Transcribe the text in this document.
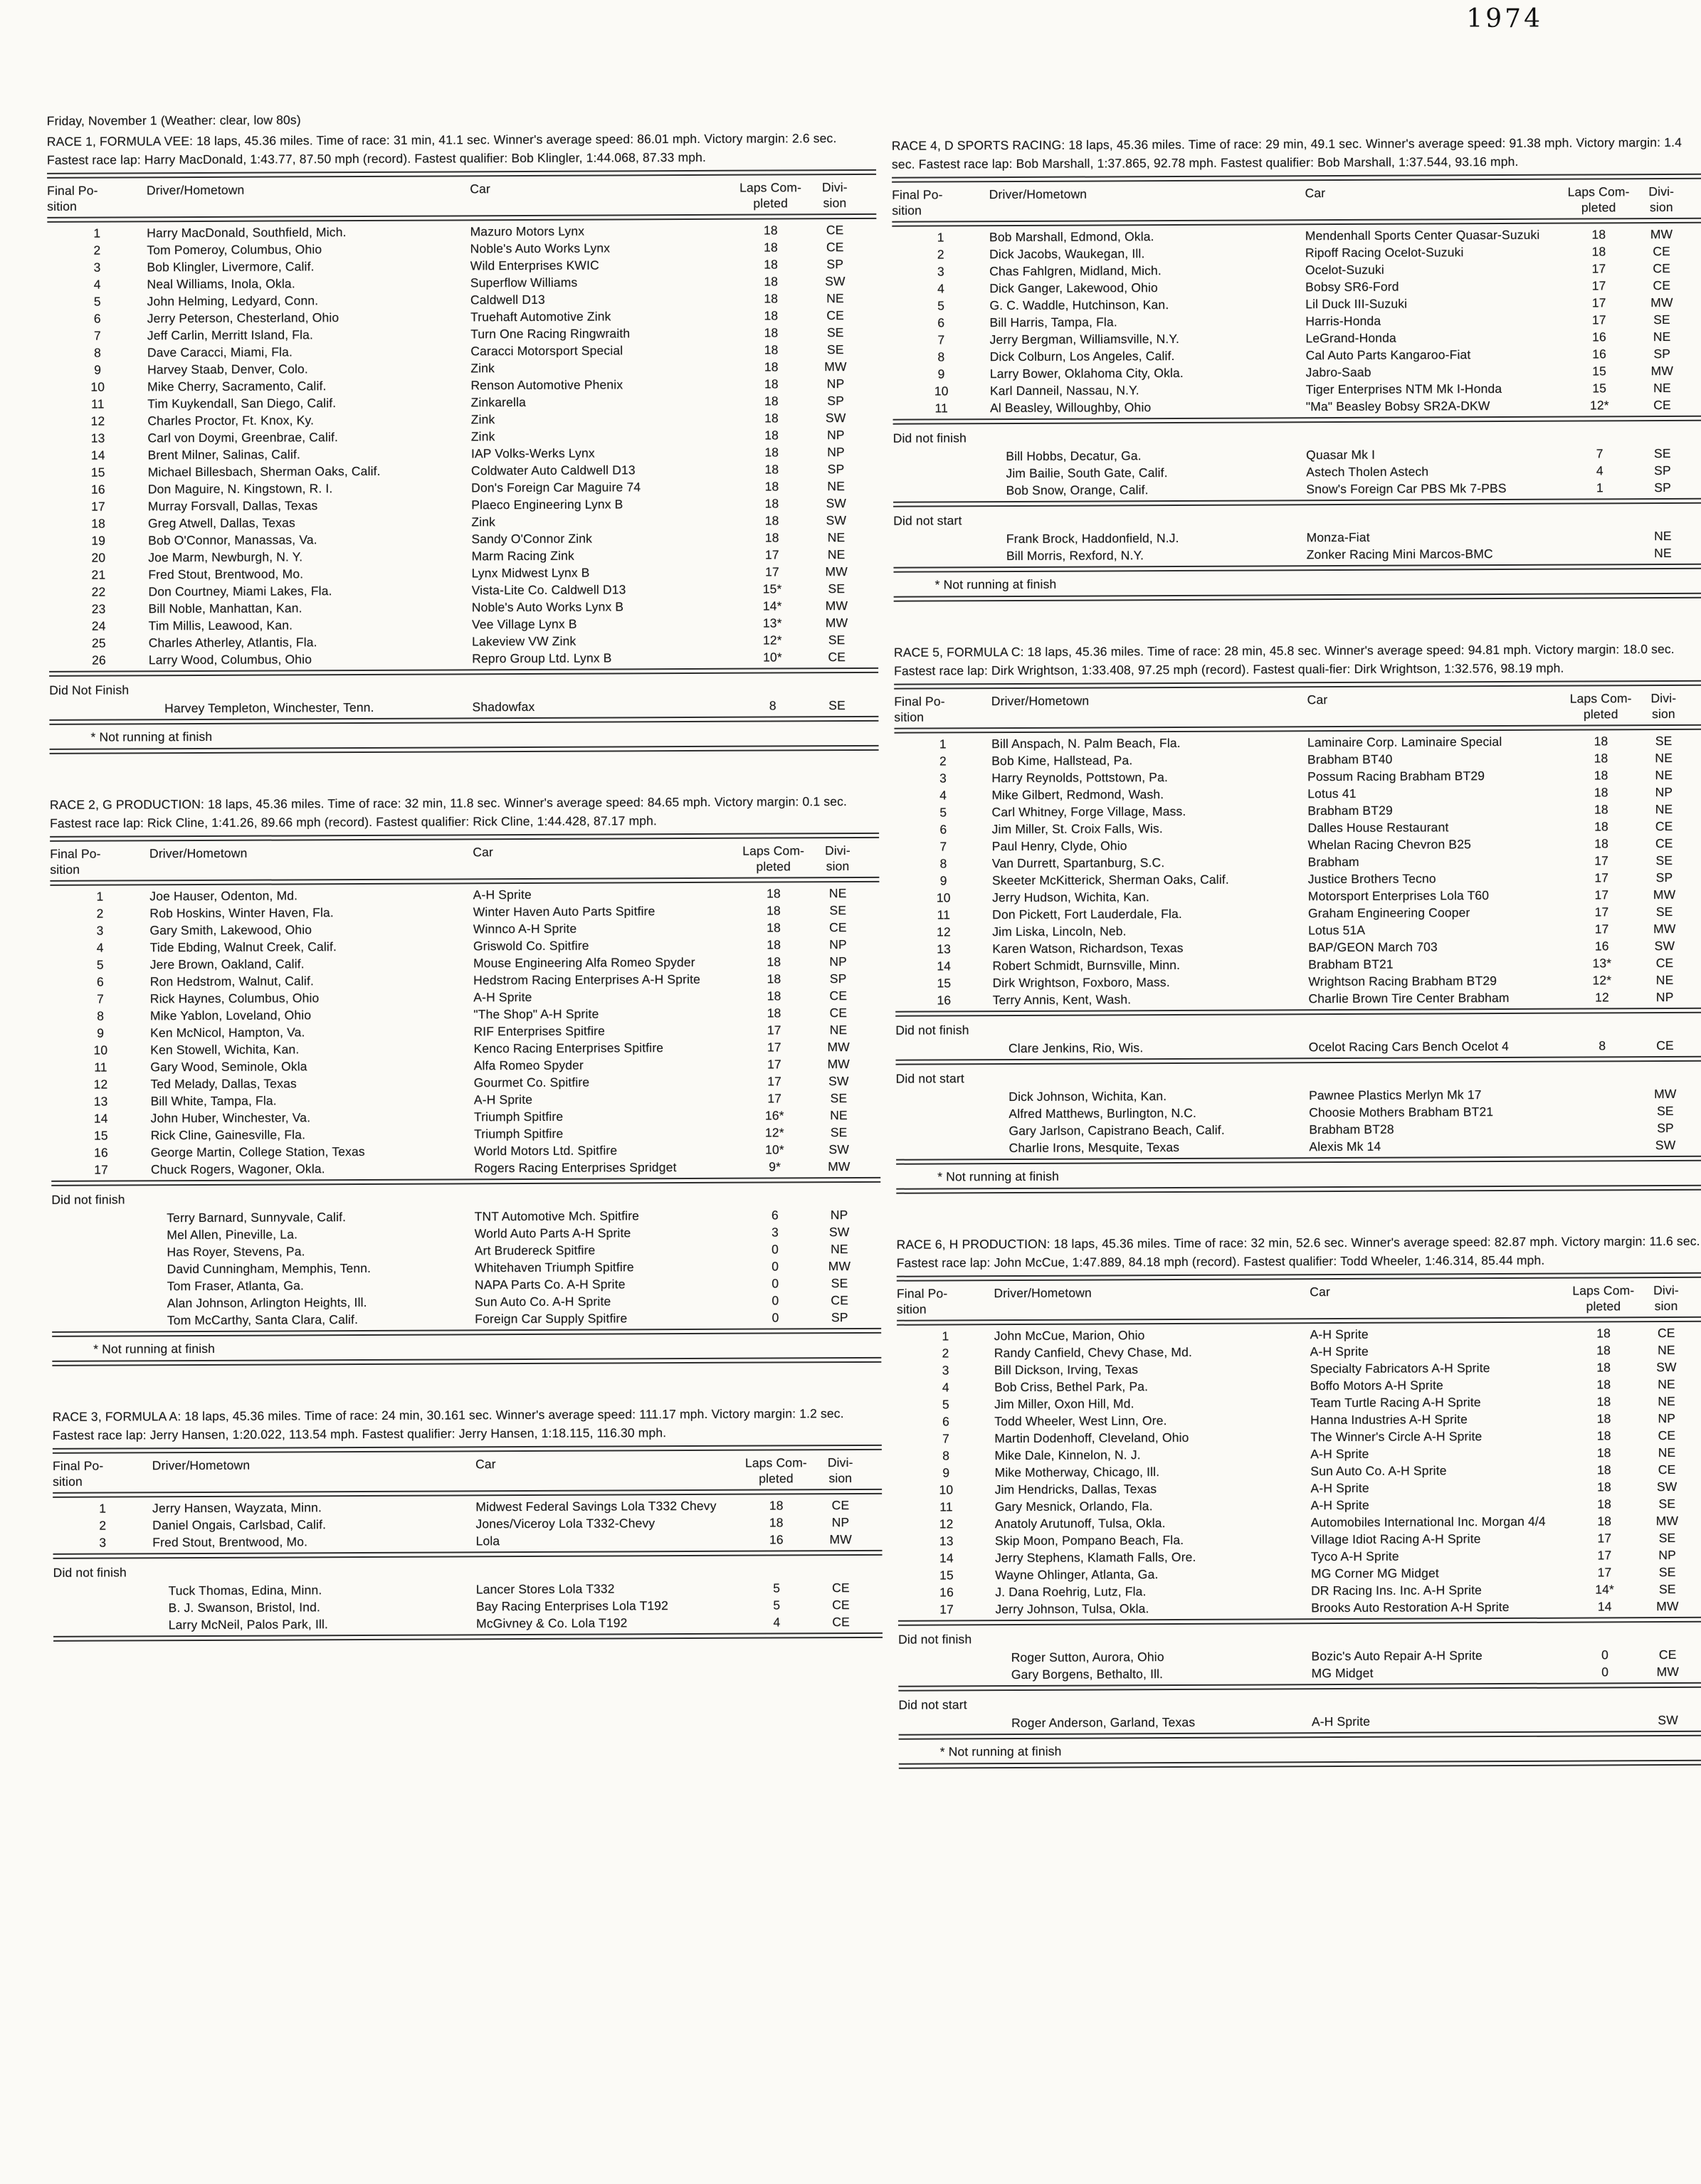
1974
Friday, November 1 (Weather: clear, low 80s)
RACE 1, FORMULA VEE: 18 laps, 45.36 miles. Time of race: 31 min, 41.1 sec. Winner's average speed: 86.01 mph. Victory margin: 2.6 sec. Fastest race lap: Harry MacDonald, 1:43.77, 87.50 mph (record). Fastest qualifier: Bob Klingler, 1:44.068, 87.33 mph.
Final Po-
sition
Driver/Hometown	Car	Laps Com-
pleted
Divi-
sion
1	Harry MacDonald, Southfield, Mich.	Mazuro Motors Lynx	18	CE
2	Tom Pomeroy, Columbus, Ohio	Noble's Auto Works Lynx	18	CE
3	Bob Klingler, Livermore, Calif.	Wild Enterprises KWIC	18	SP
4	Neal Williams, Inola, Okla.	Superflow Williams	18	SW
5	John Helming, Ledyard, Conn.	Caldwell D13	18	NE
6	Jerry Peterson, Chesterland, Ohio	Truehaft Automotive Zink	18	CE
7	Jeff Carlin, Merritt Island, Fla.	Turn One Racing Ringwraith	18	SE
8	Dave Caracci, Miami, Fla.	Caracci Motorsport Special	18	SE
9	Harvey Staab, Denver, Colo.	Zink	18	MW
10	Mike Cherry, Sacramento, Calif.	Renson Automotive Phenix	18	NP
11	Tim Kuykendall, San Diego, Calif.	Zinkarella	18	SP
12	Charles Proctor, Ft. Knox, Ky.	Zink	18	SW
13	Carl von Doymi, Greenbrae, Calif.	Zink	18	NP
14	Brent Milner, Salinas, Calif.	IAP Volks-Werks Lynx	18	NP
15	Michael Billesbach, Sherman Oaks, Calif.	Coldwater Auto Caldwell D13	18	SP
16	Don Maguire, N. Kingstown, R. I.	Don's Foreign Car Maguire 74	18	NE
17	Murray Forsvall, Dallas, Texas	Plaeco Engineering Lynx B	18	SW
18	Greg Atwell, Dallas, Texas	Zink	18	SW
19	Bob O'Connor, Manassas, Va.	Sandy O'Connor Zink	18	NE
20	Joe Marm, Newburgh, N. Y.	Marm Racing Zink	17	NE
21	Fred Stout, Brentwood, Mo.	Lynx Midwest Lynx B	17	MW
22	Don Courtney, Miami Lakes, Fla.	Vista-Lite Co. Caldwell D13	15*	SE
23	Bill Noble, Manhattan, Kan.	Noble's Auto Works Lynx B	14*	MW
24	Tim Millis, Leawood, Kan.	Vee Village Lynx B	13*	MW
25	Charles Atherley, Atlantis, Fla.	Lakeview VW Zink	12*	SE
26	Larry Wood, Columbus, Ohio	Repro Group Ltd. Lynx B	10*	CE
Did Not Finish
Harvey Templeton, Winchester, Tenn.	Shadowfax	8	SE
* Not running at finish
RACE 2, G PRODUCTION: 18 laps, 45.36 miles. Time of race: 32 min, 11.8 sec. Winner's average speed: 84.65 mph. Victory margin: 0.1 sec. Fastest race lap: Rick Cline, 1:41.26, 89.66 mph (record). Fastest qualifier: Rick Cline, 1:44.428, 87.17 mph.
Final Po-
sition
Driver/Hometown	Car	Laps Com-
pleted
Divi-
sion
1	Joe Hauser, Odenton, Md.	A-H Sprite	18	NE
2	Rob Hoskins, Winter Haven, Fla.	Winter Haven Auto Parts Spitfire	18	SE
3	Gary Smith, Lakewood, Ohio	Winnco A-H Sprite	18	CE
4	Tide Ebding, Walnut Creek, Calif.	Griswold Co. Spitfire	18	NP
5	Jere Brown, Oakland, Calif.	Mouse Engineering Alfa Romeo Spyder	18	NP
6	Ron Hedstrom, Walnut, Calif.	Hedstrom Racing Enterprises A-H Sprite	18	SP
7	Rick Haynes, Columbus, Ohio	A-H Sprite	18	CE
8	Mike Yablon, Loveland, Ohio	"The Shop" A-H Sprite	18	CE
9	Ken McNicol, Hampton, Va.	RIF Enterprises Spitfire	17	NE
10	Ken Stowell, Wichita, Kan.	Kenco Racing Enterprises Spitfire	17	MW
11	Gary Wood, Seminole, Okla	Alfa Romeo Spyder	17	MW
12	Ted Melady, Dallas, Texas	Gourmet Co. Spitfire	17	SW
13	Bill White, Tampa, Fla.	A-H Sprite	17	SE
14	John Huber, Winchester, Va.	Triumph Spitfire	16*	NE
15	Rick Cline, Gainesville, Fla.	Triumph Spitfire	12*	SE
16	George Martin, College Station, Texas	World Motors Ltd. Spitfire	10*	SW
17	Chuck Rogers, Wagoner, Okla.	Rogers Racing Enterprises Spridget	9*	MW
Did not finish
Terry Barnard, Sunnyvale, Calif.	TNT Automotive Mch. Spitfire	6	NP
Mel Allen, Pineville, La.	World Auto Parts A-H Sprite	3	SW
Has Royer, Stevens, Pa.	Art Brudereck Spitfire	0	NE
David Cunningham, Memphis, Tenn.	Whitehaven Triumph Spitfire	0	MW
Tom Fraser, Atlanta, Ga.	NAPA Parts Co. A-H Sprite	0	SE
Alan Johnson, Arlington Heights, Ill.	Sun Auto Co. A-H Sprite	0	CE
Tom McCarthy, Santa Clara, Calif.	Foreign Car Supply Spitfire	0	SP
* Not running at finish
RACE 3, FORMULA A: 18 laps, 45.36 miles. Time of race: 24 min, 30.161 sec. Winner's average speed: 111.17 mph. Victory margin: 1.2 sec. Fastest race lap: Jerry Hansen, 1:20.022, 113.54 mph. Fastest qualifier: Jerry Hansen, 1:18.115, 116.30 mph.
Final Po-
sition
Driver/Hometown	Car	Laps Com-
pleted
Divi-
sion
1	Jerry Hansen, Wayzata, Minn.	Midwest Federal Savings Lola T332 Chevy	18	CE
2	Daniel Ongais, Carlsbad, Calif.	Jones/Viceroy Lola T332-Chevy	18	NP
3	Fred Stout, Brentwood, Mo.	Lola	16	MW
Did not finish
Tuck Thomas, Edina, Minn.	Lancer Stores Lola T332	5	CE
B. J. Swanson, Bristol, Ind.	Bay Racing Enterprises Lola T192	5	CE
Larry McNeil, Palos Park, Ill.	McGivney & Co. Lola T192	4	CE
RACE 4, D SPORTS RACING: 18 laps, 45.36 miles. Time of race: 29 min, 49.1 sec. Winner's average speed: 91.38 mph. Victory margin: 1.4 sec. Fastest race lap: Bob Marshall, 1:37.865, 92.78 mph. Fastest qualifier: Bob Marshall, 1:37.544, 93.16 mph.
Final Po-
sition
Driver/Hometown	Car	Laps Com-
pleted
Divi-
sion
1	Bob Marshall, Edmond, Okla.	Mendenhall Sports Center Quasar-Suzuki	18	MW
2	Dick Jacobs, Waukegan, Ill.	Ripoff Racing Ocelot-Suzuki	18	CE
3	Chas Fahlgren, Midland, Mich.	Ocelot-Suzuki	17	CE
4	Dick Ganger, Lakewood, Ohio	Bobsy SR6-Ford	17	CE
5	G. C. Waddle, Hutchinson, Kan.	Lil Duck III-Suzuki	17	MW
6	Bill Harris, Tampa, Fla.	Harris-Honda	17	SE
7	Jerry Bergman, Williamsville, N.Y.	LeGrand-Honda	16	NE
8	Dick Colburn, Los Angeles, Calif.	Cal Auto Parts Kangaroo-Fiat	16	SP
9	Larry Bower, Oklahoma City, Okla.	Jabro-Saab	15	MW
10	Karl Danneil, Nassau, N.Y.	Tiger Enterprises NTM Mk I-Honda	15	NE
11	Al Beasley, Willoughby, Ohio	"Ma" Beasley Bobsy SR2A-DKW	12*	CE
Did not finish
Bill Hobbs, Decatur, Ga.	Quasar Mk I	7	SE
Jim Bailie, South Gate, Calif.	Astech Tholen Astech	4	SP
Bob Snow, Orange, Calif.	Snow's Foreign Car PBS Mk 7-PBS	1	SP
Did not start
Frank Brock, Haddonfield, N.J.	Monza-Fiat	NE
Bill Morris, Rexford, N.Y.	Zonker Racing Mini Marcos-BMC	NE
* Not running at finish
RACE 5, FORMULA C: 18 laps, 45.36 miles. Time of race: 28 min, 45.8 sec. Winner's average speed: 94.81 mph. Victory margin: 18.0 sec. Fastest race lap: Dirk Wrightson, 1:33.408, 97.25 mph (record). Fastest quali-fier: Dirk Wrightson, 1:32.576, 98.19 mph.
Final Po-
sition
Driver/Hometown	Car	Laps Com-
pleted
Divi-
sion
1	Bill Anspach, N. Palm Beach, Fla.	Laminaire Corp. Laminaire Special	18	SE
2	Bob Kime, Hallstead, Pa.	Brabham BT40	18	NE
3	Harry Reynolds, Pottstown, Pa.	Possum Racing Brabham BT29	18	NE
4	Mike Gilbert, Redmond, Wash.	Lotus 41	18	NP
5	Carl Whitney, Forge Village, Mass.	Brabham BT29	18	NE
6	Jim Miller, St. Croix Falls, Wis.	Dalles House Restaurant	18	CE
7	Paul Henry, Clyde, Ohio	Whelan Racing Chevron B25	18	CE
8	Van Durrett, Spartanburg, S.C.	Brabham	17	SE
9	Skeeter McKitterick, Sherman Oaks, Calif.	Justice Brothers Tecno	17	SP
10	Jerry Hudson, Wichita, Kan.	Motorsport Enterprises Lola T60	17	MW
11	Don Pickett, Fort Lauderdale, Fla.	Graham Engineering Cooper	17	SE
12	Jim Liska, Lincoln, Neb.	Lotus 51A	17	MW
13	Karen Watson, Richardson, Texas	BAP/GEON March 703	16	SW
14	Robert Schmidt, Burnsville, Minn.	Brabham BT21	13*	CE
15	Dirk Wrightson, Foxboro, Mass.	Wrightson Racing Brabham BT29	12*	NE
16	Terry Annis, Kent, Wash.	Charlie Brown Tire Center Brabham	12	NP
Did not finish
Clare Jenkins, Rio, Wis.	Ocelot Racing Cars Bench Ocelot 4	8	CE
Did not start
Dick Johnson, Wichita, Kan.	Pawnee Plastics Merlyn Mk 17	MW
Alfred Matthews, Burlington, N.C.	Choosie Mothers Brabham BT21	SE
Gary Jarlson, Capistrano Beach, Calif.	Brabham BT28	SP
Charlie Irons, Mesquite, Texas	Alexis Mk 14	SW
* Not running at finish
RACE 6, H PRODUCTION: 18 laps, 45.36 miles. Time of race: 32 min, 52.6 sec. Winner's average speed: 82.87 mph. Victory margin: 11.6 sec. Fastest race lap: John McCue, 1:47.889, 84.18 mph (record). Fastest qualifier: Todd Wheeler, 1:46.314, 85.44 mph.
Final Po-
sition
Driver/Hometown	Car	Laps Com-
pleted
Divi-
sion
1	John McCue, Marion, Ohio	A-H Sprite	18	CE
2	Randy Canfield, Chevy Chase, Md.	A-H Sprite	18	NE
3	Bill Dickson, Irving, Texas	Specialty Fabricators A-H Sprite	18	SW
4	Bob Criss, Bethel Park, Pa.	Boffo Motors A-H Sprite	18	NE
5	Jim Miller, Oxon Hill, Md.	Team Turtle Racing A-H Sprite	18	NE
6	Todd Wheeler, West Linn, Ore.	Hanna Industries A-H Sprite	18	NP
7	Martin Dodenhoff, Cleveland, Ohio	The Winner's Circle A-H Sprite	18	CE
8	Mike Dale, Kinnelon, N. J.	A-H Sprite	18	NE
9	Mike Motherway, Chicago, Ill.	Sun Auto Co. A-H Sprite	18	CE
10	Jim Hendricks, Dallas, Texas	A-H Sprite	18	SW
11	Gary Mesnick, Orlando, Fla.	A-H Sprite	18	SE
12	Anatoly Arutunoff, Tulsa, Okla.	Automobiles International Inc. Morgan 4/4	18	MW
13	Skip Moon, Pompano Beach, Fla.	Village Idiot Racing A-H Sprite	17	SE
14	Jerry Stephens, Klamath Falls, Ore.	Tyco A-H Sprite	17	NP
15	Wayne Ohlinger, Atlanta, Ga.	MG Corner MG Midget	17	SE
16	J. Dana Roehrig, Lutz, Fla.	DR Racing Ins. Inc. A-H Sprite	14*	SE
17	Jerry Johnson, Tulsa, Okla.	Brooks Auto Restoration A-H Sprite	14	MW
Did not finish
Roger Sutton, Aurora, Ohio	Bozic's Auto Repair A-H Sprite	0	CE
Gary Borgens, Bethalto, Ill.	MG Midget	0	MW
Did not start
Roger Anderson, Garland, Texas	A-H Sprite	SW
* Not running at finish
